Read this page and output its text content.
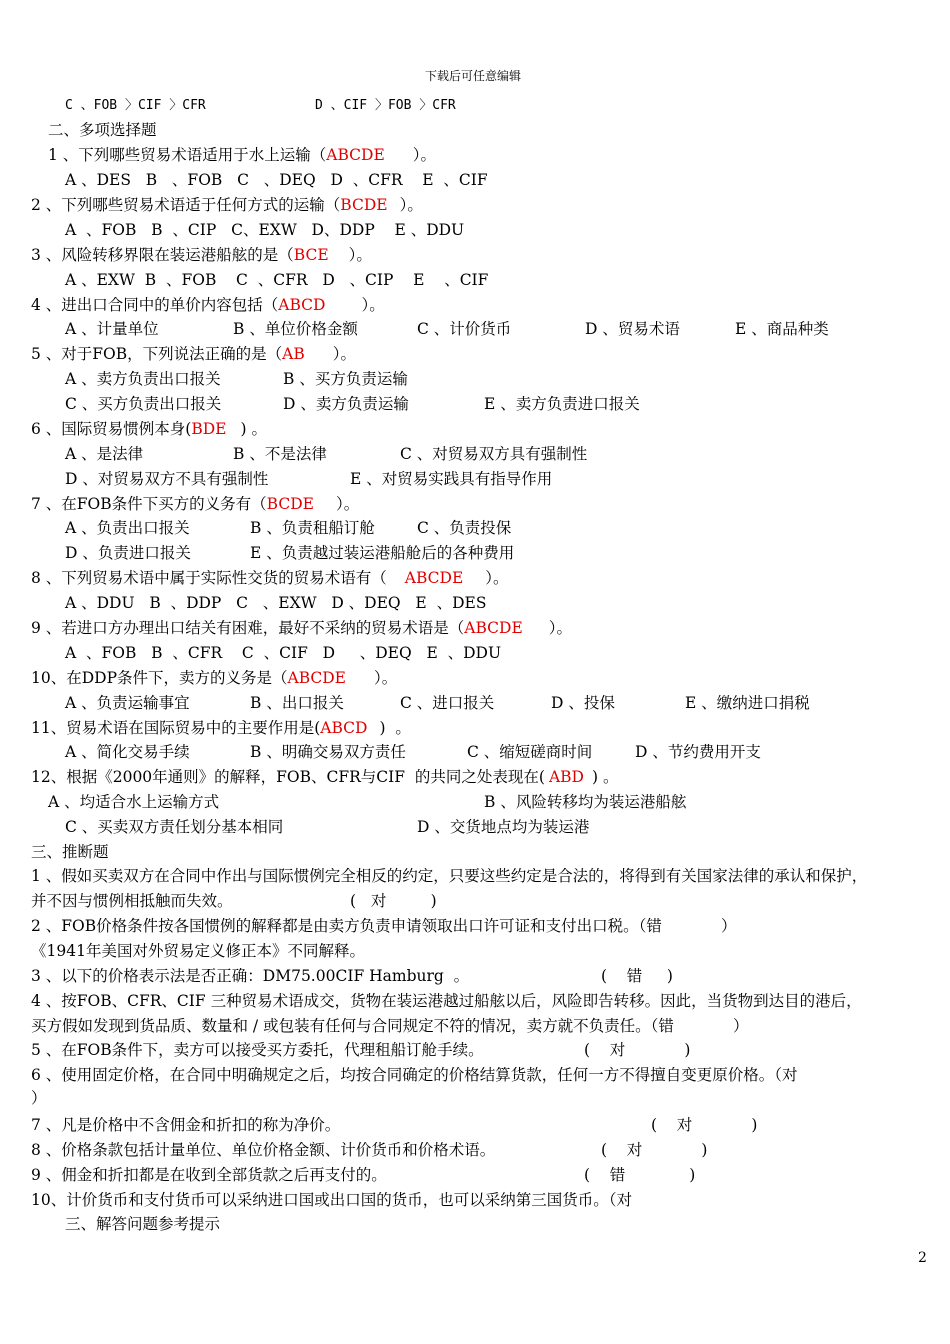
下载后可任意编辑
C 、FOB 〉CIF 〉CFR	D 、CIF 〉FOB 〉CFR
二、多项选择题
1 、下列哪些贸易术语适用于水上运输（ABCDE ）。
A 、DES   B   、FOB   C   、DEQ   D  、CFR    E  、CIF
2 、下列哪些贸易术语适于任何方式的运输（BCDE ）。
A  、FOB   B  、CIP   C、EXW   D、DDP    E 、DDU
3 、风险转移界限在装运港船舷的是（BCE ）。
A 、EXW  B  、FOB    C  、CFR   D   、CIP    E    、CIF
4 、进出口合同中的单价内容包括（ABCD ）。
A 、计量单位	B 、单位价格金额	C 、计价货币	D 、贸易术语	E 、商品种类
5 、对于FOB，下列说法正确的是（AB ）。
A 、卖方负责出口报关	B 、买方负责运输
C 、买方负责出口报关	D 、卖方负责运输	E 、卖方负责进口报关
6 、国际贸易惯例本身(BDE ) 。
A 、是法律	B 、不是法律	C 、对贸易双方具有强制性
D 、对贸易双方不具有强制性	E 、对贸易实践具有指导作用
7 、在FOB条件下买方的义务有（BCDE ）。
A 、负责出口报关	B 、负责租船订舱	C 、负责投保
D 、负责进口报关	E 、负责越过装运港船舱后的各种费用
8 、下列贸易术语中属于实际性交货的贸易术语有（ ABCDE ）。
A 、DDU   B  、DDP   C   、EXW   D 、DEQ   E  、DES
9 、若进口方办理出口结关有困难，最好不采纳的贸易术语是（ABCDE ）。
A  、FOB   B  、CFR    C  、CIF   D     、DEQ   E  、DDU
10、在DDP条件下，卖方的义务是（ABCDE ）。
A 、负责运输事宜	B 、出口报关	C 、进口报关	D 、投保	E 、缴纳进口捐税
11、贸易术语在国际贸易中的主要作用是(ABCD )  。
A 、简化交易手续	B 、明确交易双方责任	C 、缩短磋商时间	D 、节约费用开支
12、根据《2000年通则》的解释，FOB、CFR与CIF  的共同之处表现在( ABD ) 。
A 、均适合水上运输方式	B 、风险转移均为装运港船舷
C 、买卖双方责任划分基本相同	D 、交货地点均为装运港
三、推断题
1 、假如买卖双方在合同中作出与国际惯例完全相反的约定，只要这些约定是合法的，将得到有关国家法律的承认和保护，
并不因与惯例相抵触而失效。	(   对         )
2 、FOB价格条件按各国惯例的解释都是由卖方负责申请领取出口许可证和支付出口税。（错            ）
《1941年美国对外贸易定义修正本》不同解释。
3 、以下的价格表示法是否正确：DM75.00CIF Hamburg  。	(    错     )
4 、按FOB、CFR、CIF 三种贸易术语成交，货物在装运港越过船舷以后，风险即告转移。因此，当货物到达目的港后，
买方假如发现到货品质、数量和 / 或包装有任何与合同规定不符的情况，卖方就不负责任。（错            ）
5 、在FOB条件下，卖方可以接受买方委托，代理租船订舱手续。	(    对            )
6 、使用固定价格，在合同中明确规定之后，均按合同确定的价格结算货款，任何一方不得擅自变更原价格。（对
）
7 、凡是价格中不含佣金和折扣的称为净价。	(    对            )
8 、价格条款包括计量单位、单位价格金额、计价货币和价格术语。	(    对            )
9 、佣金和折扣都是在收到全部货款之后再支付的。	(    错             )
10、计价货币和支付货币可以采纳进口国或出口国的货币，也可以采纳第三国货币。（对
三、解答问题参考提示
2
